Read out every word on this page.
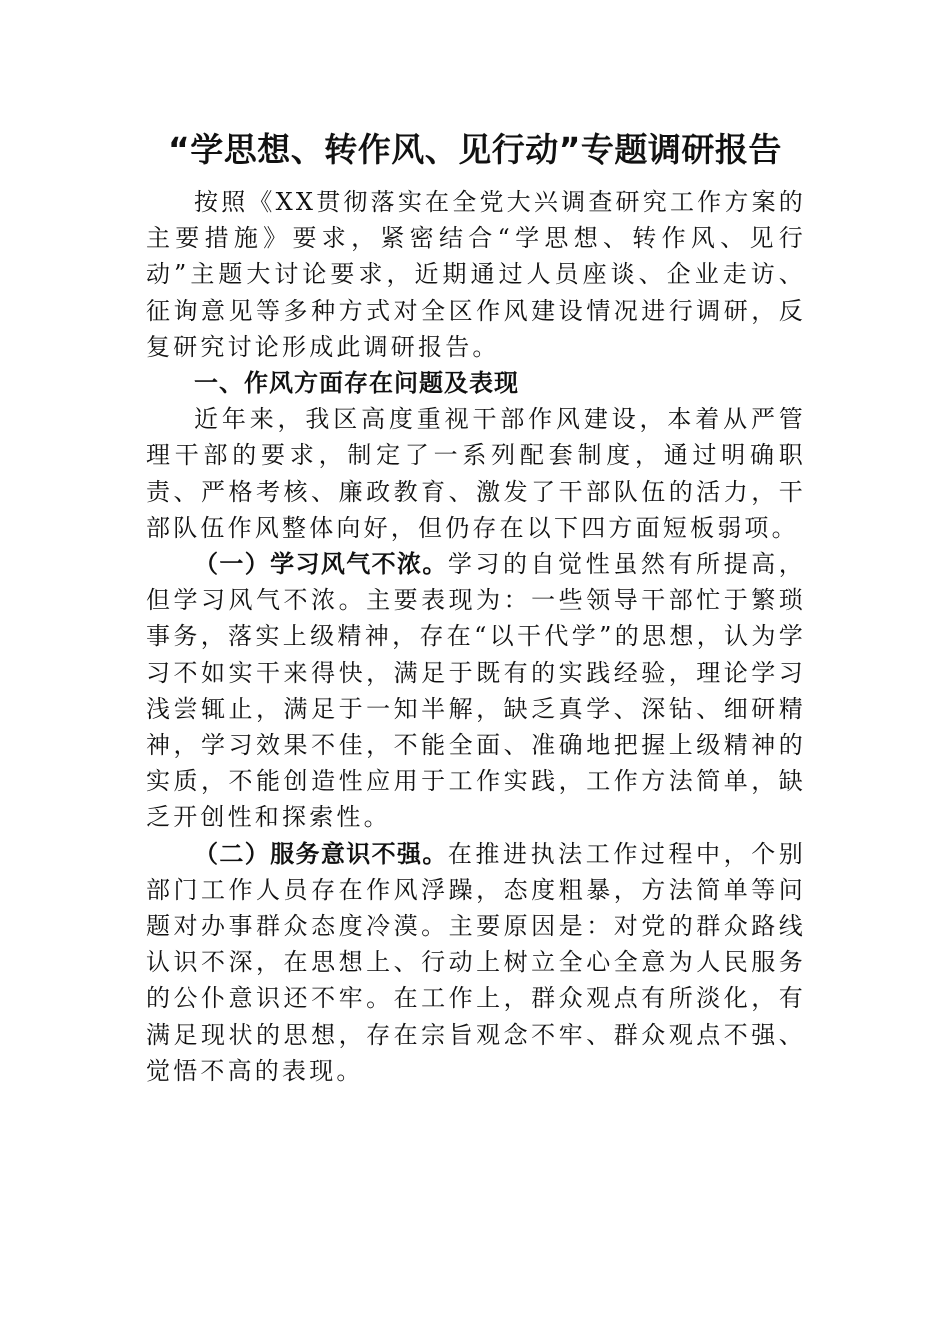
“学思想、转作风、见行动”专题调研报告

按照《XX贯彻落实在全党大兴调查研究工作方案的主要措施》要求，紧密结合“学思想、转作风、见行动”主题大讨论要求，近期通过人员座谈、企业走访、征询意见等多种方式对全区作风建设情况进行调研，反复研究讨论形成此调研报告。

一、作风方面存在问题及表现

近年来，我区高度重视干部作风建设，本着从严管理干部的要求，制定了一系列配套制度，通过明确职责、严格考核、廉政教育、激发了干部队伍的活力，干部队伍作风整体向好，但仍存在以下四方面短板弱项。

（一）学习风气不浓。学习的自觉性虽然有所提高，但学习风气不浓。主要表现为：一些领导干部忙于繁琐事务，落实上级精神，存在“以干代学”的思想，认为学习不如实干来得快，满足于既有的实践经验，理论学习浅尝辄止，满足于一知半解，缺乏真学、深钻、细研精神，学习效果不佳，不能全面、准确地把握上级精神的实质，不能创造性应用于工作实践，工作方法简单，缺乏开创性和探索性。

（二）服务意识不强。在推进执法工作过程中，个别部门工作人员存在作风浮躁，态度粗暴，方法简单等问题对办事群众态度冷漠。主要原因是：对党的群众路线认识不深，在思想上、行动上树立全心全意为人民服务的公仆意识还不牢。在工作上，群众观点有所淡化，有满足现状的思想，存在宗旨观念不牢、群众观点不强、觉悟不高的表现。
